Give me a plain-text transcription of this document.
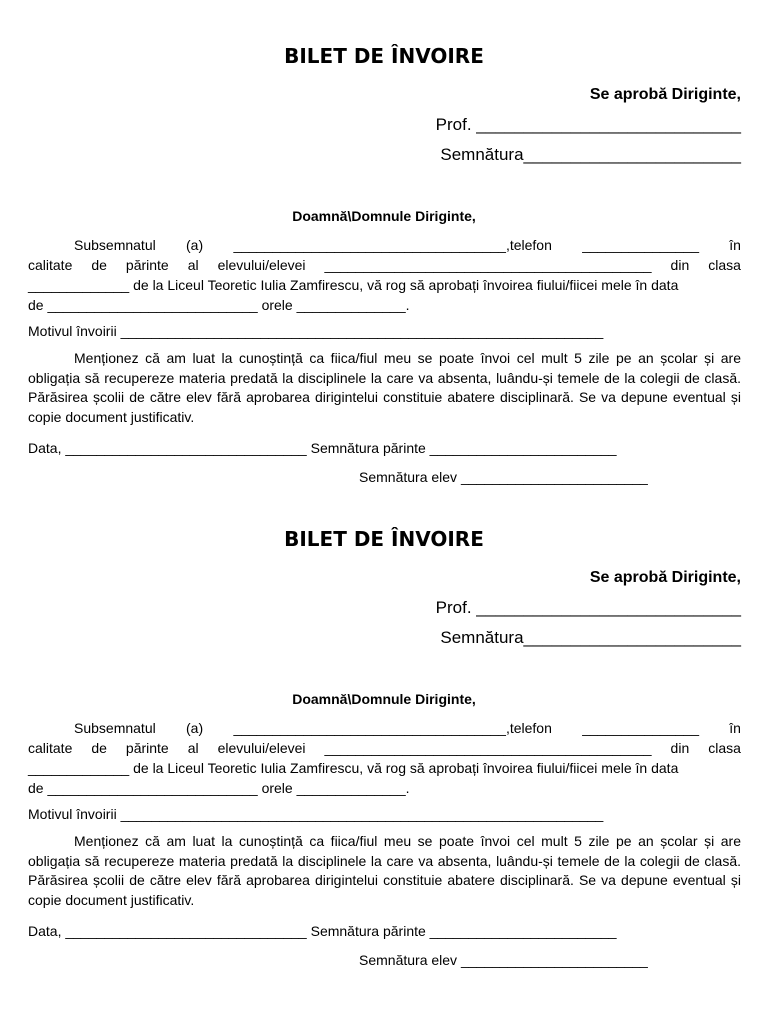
BILET DE ÎNVOIRE
Se aprobă Diriginte,
Prof. ____________________________
Semnătura_______________________
Doamnă\Domnule Diriginte,
Subsemnatul (a) ___________________________________,telefon _______________ în
calitate de părinte al elevului/elevei __________________________________________ din clasa
_____________ de la Liceul Teoretic Iulia Zamfirescu, vă rog să aprobați învoirea fiului/fiicei mele în data
de ___________________________ orele ______________.
Motivul învoirii ______________________________________________________________
Menționez că am luat la cunoștință ca fiica/fiul meu se poate învoi cel mult 5 zile pe an școlar și are obligația să recupereze materia predată la disciplinele la care va absenta, luându-și temele de la colegii de clasă. Părăsirea școlii de către elev fără aprobarea dirigintelui constituie abatere disciplinară. Se va depune eventual și copie document justificativ.
Data, _______________________________ Semnătura părinte ________________________
Semnătura elev ________________________
BILET DE ÎNVOIRE
Se aprobă Diriginte,
Prof. ____________________________
Semnătura_______________________
Doamnă\Domnule Diriginte,
Subsemnatul (a) ___________________________________,telefon _______________ în
calitate de părinte al elevului/elevei __________________________________________ din clasa
_____________ de la Liceul Teoretic Iulia Zamfirescu, vă rog să aprobați învoirea fiului/fiicei mele în data
de ___________________________ orele ______________.
Motivul învoirii ______________________________________________________________
Menționez că am luat la cunoștință ca fiica/fiul meu se poate învoi cel mult 5 zile pe an școlar și are obligația să recupereze materia predată la disciplinele la care va absenta, luându-și temele de la colegii de clasă. Părăsirea școlii de către elev fără aprobarea dirigintelui constituie abatere disciplinară. Se va depune eventual și copie document justificativ.
Data, _______________________________ Semnătura părinte ________________________
Semnătura elev ________________________
